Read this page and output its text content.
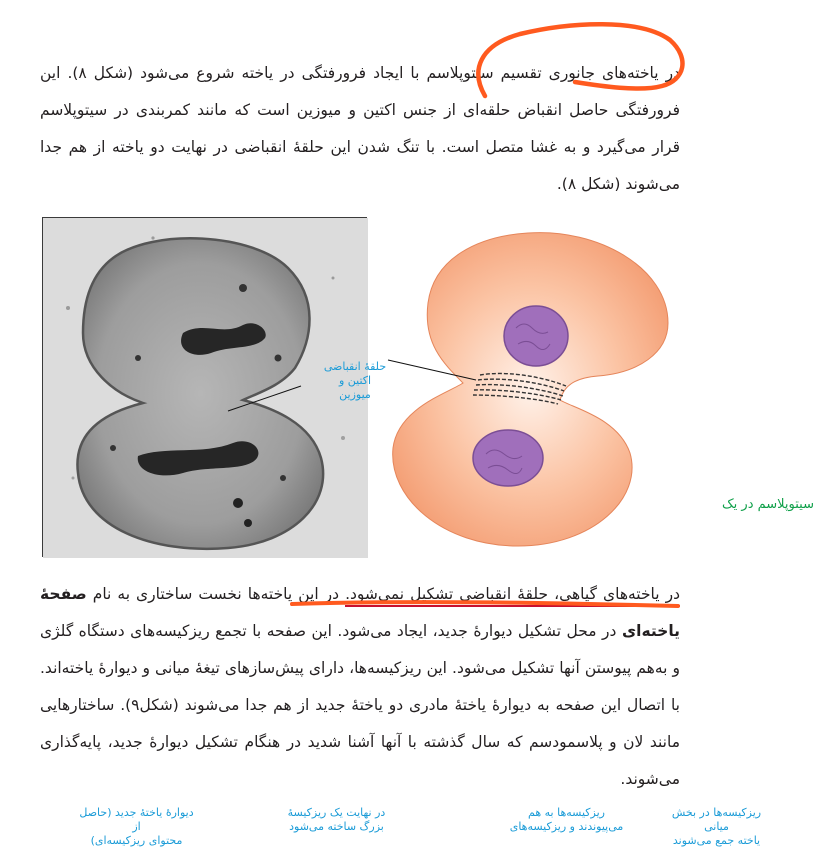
در یاخته‌های جانوری تقسیم سیتوپلاسم با ایجاد فرورفتگی در یاخته شروع می‌شود (شکل ۸). این فرورفتگی حاصل انقباض حلقه‌ای از جنس اکتین و میوزین است که مانند کمربندی در سیتوپلاسم قرار می‌گیرد و به غشا متصل است. با تنگ شدن این حلقهٔ انقباضی در نهایت دو یاخته از هم جدا می‌شوند (شکل ۸).

حلقهٔ انقباضی
اکتین و میوزین
سیتوپلاسم در یک

در یاخته‌های گیاهی، حلقهٔ انقباضی تشکیل نمی‌شود. در این یاخته‌ها نخست ساختاری به نام صفحهٔ یاخته‌ای در محل تشکیل دیوارهٔ جدید، ایجاد می‌شود. این صفحه با تجمع ریزکیسه‌های دستگاه گلژی و به‌هم پیوستن آنها تشکیل می‌شود. این ریزکیسه‌ها، دارای پیش‌سازهای تیغهٔ میانی و دیوارهٔ یاخته‌اند. با اتصال این صفحه به دیوارهٔ یاختهٔ مادری دو یاختهٔ جدید از هم جدا می‌شوند (شکل۹). ساختارهایی مانند لان و پلاسمودسم که سال گذشته با آنها آشنا شدید در هنگام تشکیل دیوارهٔ جدید، پایه‌گذاری می‌شوند.

ریزکیسه‌ها در بخش میانی
یاخته جمع می‌شوند
ریزکیسه‌ها به هم
می‌پیوندند و ریزکیسه‌های
در نهایت یک ریزکیسهٔ
بزرگ ساخته می‌شود
دیوارهٔ یاختهٔ جدید (حاصل از
محتوای ریزکیسه‌ای)
